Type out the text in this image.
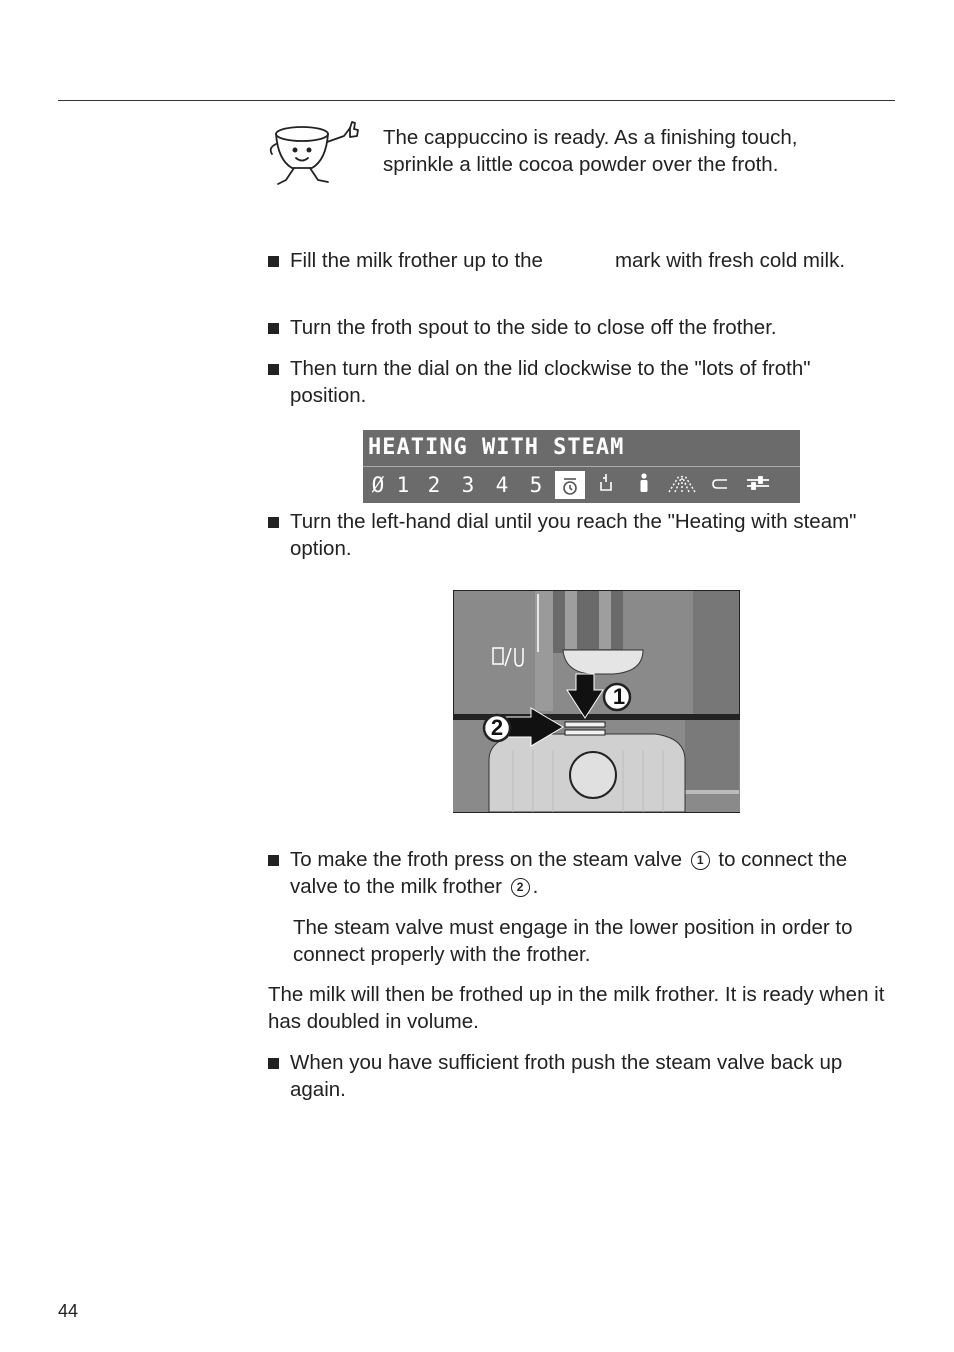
The cappuccino is ready. As a finishing touch, sprinkle a little cocoa powder over the froth.
Fill the milk frother up to the	mark with fresh cold milk.
Turn the froth spout to the side to close off the frother.
Then turn the dial on the lid clockwise to the "lots of froth" position.
HEATING WITH STEAM
Ø 1 2	3	4	5
Turn the left-hand dial until you reach the "Heating with steam" option.
1
2
To make the froth press on the steam valve 1 to connect the valve to the milk frother 2 .
The steam valve must engage in the lower position in order to connect properly with the frother.
The milk will then be frothed up in the milk frother. It is ready when it has doubled in volume.
When you have sufficient froth push the steam valve back up again.
44
